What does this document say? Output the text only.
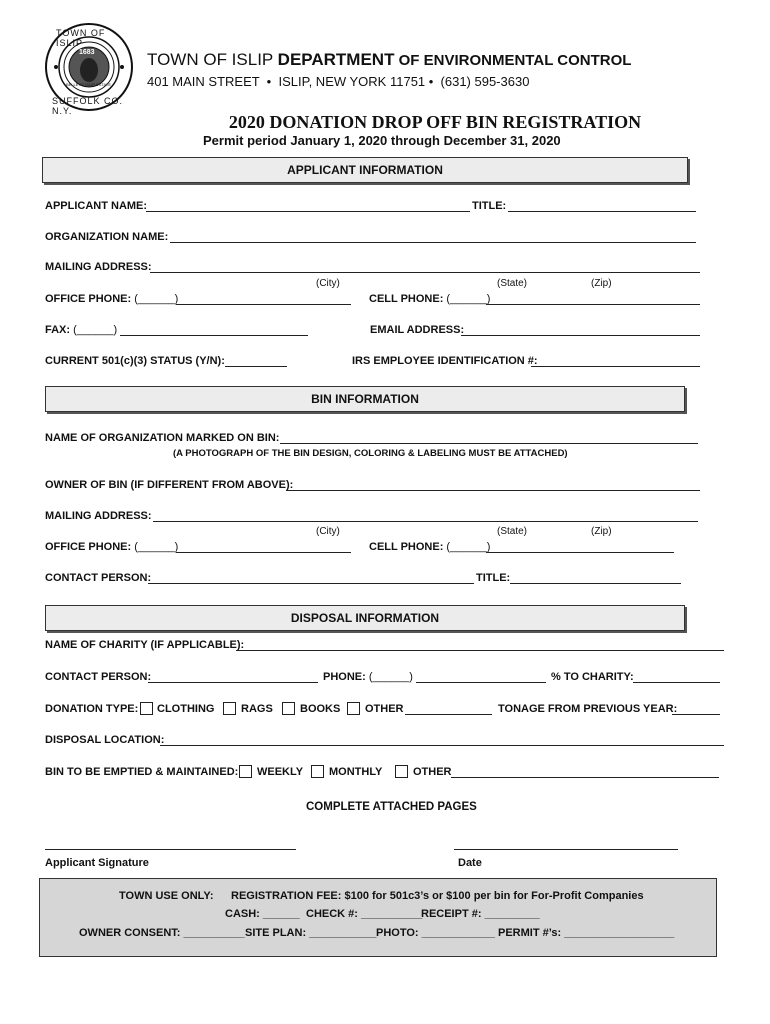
TOWN OF ISLIP
SUFFOLK CO. N.Y.
1683
BELLE AT ISLIP ESTATE
TOWN OF ISLIP DEPARTMENT OF ENVIRONMENTAL CONTROL
401 MAIN STREET  •  ISLIP, NEW YORK 11751 •  (631) 595-3630
2020 DONATION DROP OFF BIN REGISTRATION
Permit period January 1, 2020 through December 31, 2020
APPLICANT INFORMATION
APPLICANT NAME:	TITLE:
ORGANIZATION NAME:
MAILING ADDRESS:
(City)	(State)	(Zip)
OFFICE PHONE: (______)	CELL PHONE: (______)
FAX: (______)	EMAIL ADDRESS:
CURRENT 501(c)(3) STATUS (Y/N):	IRS EMPLOYEE IDENTIFICATION #:
BIN INFORMATION
NAME OF ORGANIZATION MARKED ON BIN:
(A PHOTOGRAPH OF THE BIN DESIGN, COLORING & LABELING MUST BE ATTACHED)
OWNER OF BIN (IF DIFFERENT FROM ABOVE):
MAILING ADDRESS:
(City)	(State)	(Zip)
OFFICE PHONE: (______)	CELL PHONE: (______)
CONTACT PERSON:	TITLE:
DISPOSAL INFORMATION
NAME OF CHARITY (IF APPLICABLE):
CONTACT PERSON:	PHONE: (______)	% TO CHARITY:
DONATION TYPE: CLOTHING RAGS BOOKS OTHER	TONAGE FROM PREVIOUS YEAR:
DISPOSAL LOCATION:
BIN TO BE EMPTIED & MAINTAINED: WEEKLY MONTHLY	OTHER
COMPLETE ATTACHED PAGES
Applicant Signature	Date
TOWN USE ONLY: REGISTRATION FEE: $100 for 501c3’s or $100 per bin for For-Profit Companies
CASH: ______ CHECK #: __________
RECEIPT #: _________
OWNER CONSENT: __________ SITE PLAN: ___________ PHOTO: ____________ PERMIT #’s: __________________
